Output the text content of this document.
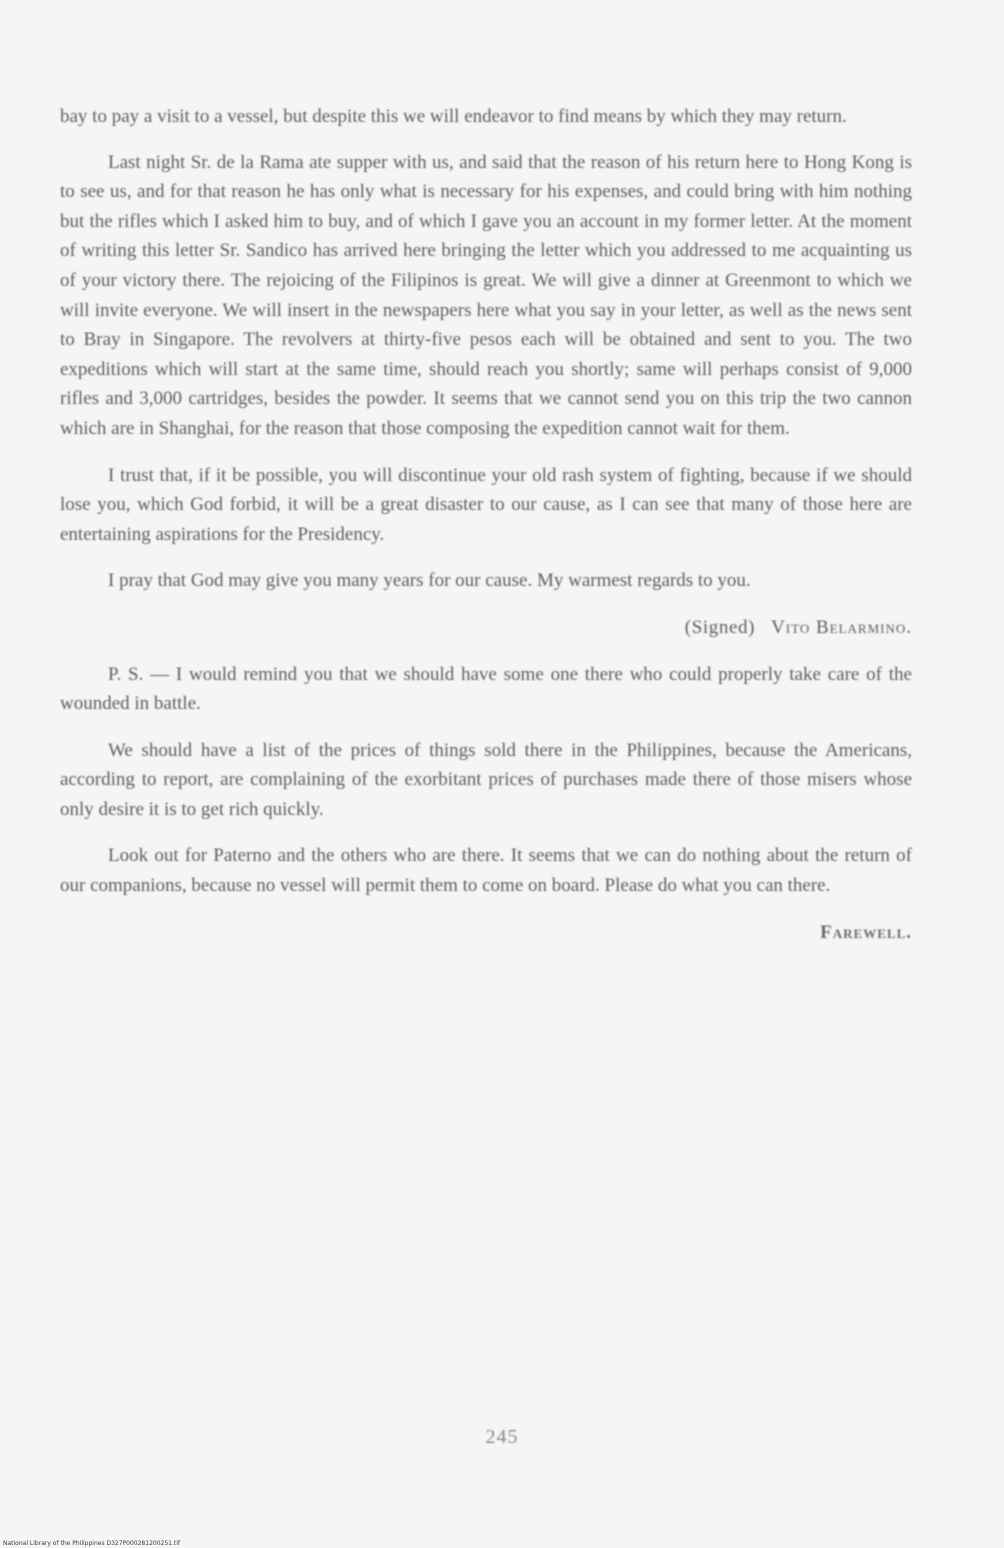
bay to pay a visit to a vessel, but despite this we will endeavor to find means by which they may return.

Last night Sr. de la Rama ate supper with us, and said that the reason of his return here to Hong Kong is to see us, and for that reason he has only what is necessary for his expenses, and could bring with him nothing but the rifles which I asked him to buy, and of which I gave you an account in my former letter. At the moment of writing this letter Sr. Sandico has arrived here bringing the letter which you addressed to me acquainting us of your victory there. The rejoicing of the Filipinos is great. We will give a dinner at Greenmont to which we will invite everyone. We will insert in the newspapers here what you say in your letter, as well as the news sent to Bray in Singapore. The revolvers at thirty-five pesos each will be obtained and sent to you. The two expeditions which will start at the same time, should reach you shortly; same will perhaps consist of 9,000 rifles and 3,000 cartridges, besides the powder. It seems that we cannot send you on this trip the two cannon which are in Shanghai, for the reason that those composing the expedition cannot wait for them.

I trust that, if it be possible, you will discontinue your old rash system of fighting, because if we should lose you, which God forbid, it will be a great disaster to our cause, as I can see that many of those here are entertaining aspirations for the Presidency.

I pray that God may give you many years for our cause. My warmest regards to you.

(Signed) Vito Belarmino.

P. S. — I would remind you that we should have some one there who could properly take care of the wounded in battle.

We should have a list of the prices of things sold there in the Philippines, because the Americans, according to report, are complaining of the exorbitant prices of purchases made there of those misers whose only desire it is to get rich quickly.

Look out for Paterno and the others who are there. It seems that we can do nothing about the return of our companions, because no vessel will permit them to come on board. Please do what you can there.

Farewell.

245
National Library of the Philippines D327P000281200251.tif
